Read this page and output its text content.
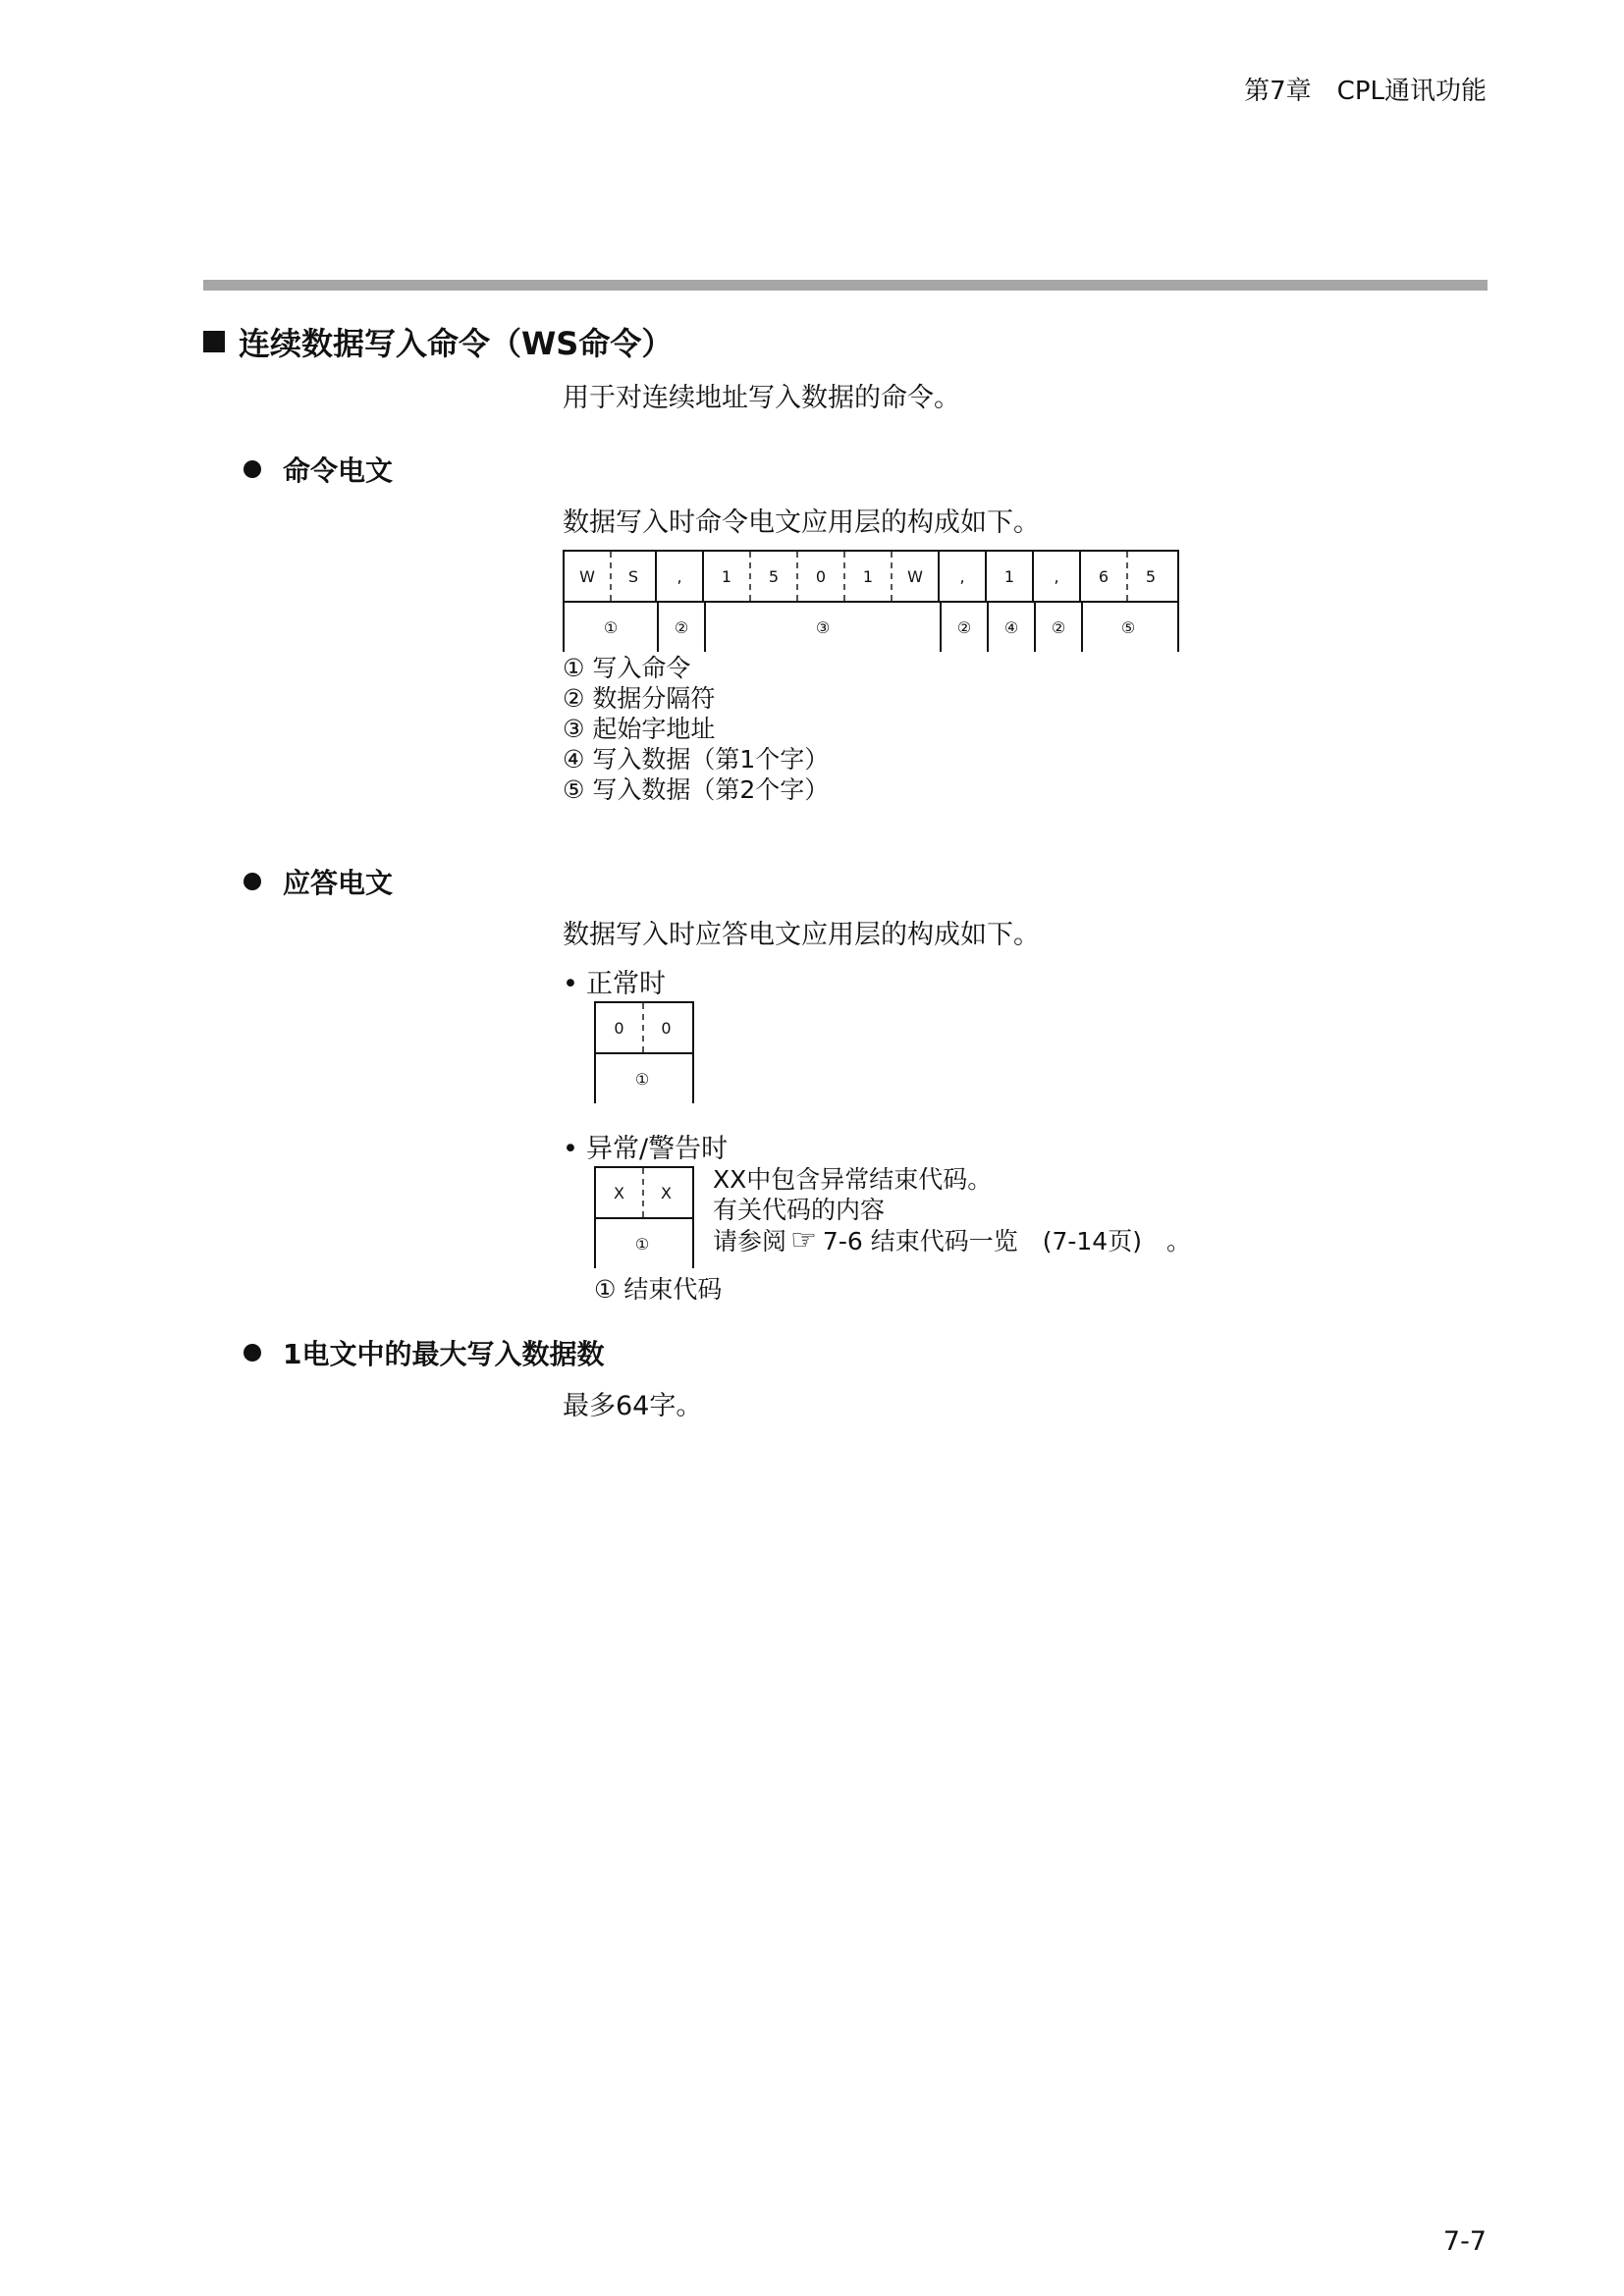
第7章　CPL通讯功能
连续数据写入命令（WS命令）
用于对连续地址写入数据的命令。
命令电文
数据写入时命令电文应用层的构成如下。
W	S	,	1	5	0	1	W	,	1	,	6	5
①	②	③	②	④	②	⑤
① 写入命令
② 数据分隔符
③ 起始字地址
④ 写入数据（第1个字）
⑤ 写入数据（第2个字）
应答电文
数据写入时应答电文应用层的构成如下。
• 正常时
0	0
①
• 异常/警告时
X	X
①
XX中包含异常结束代码。
有关代码的内容
请参阅 ☞ 7-6 结束代码一览　(7-14页)　。
① 结束代码
1电文中的最大写入数据数
最多64字。
7-7
